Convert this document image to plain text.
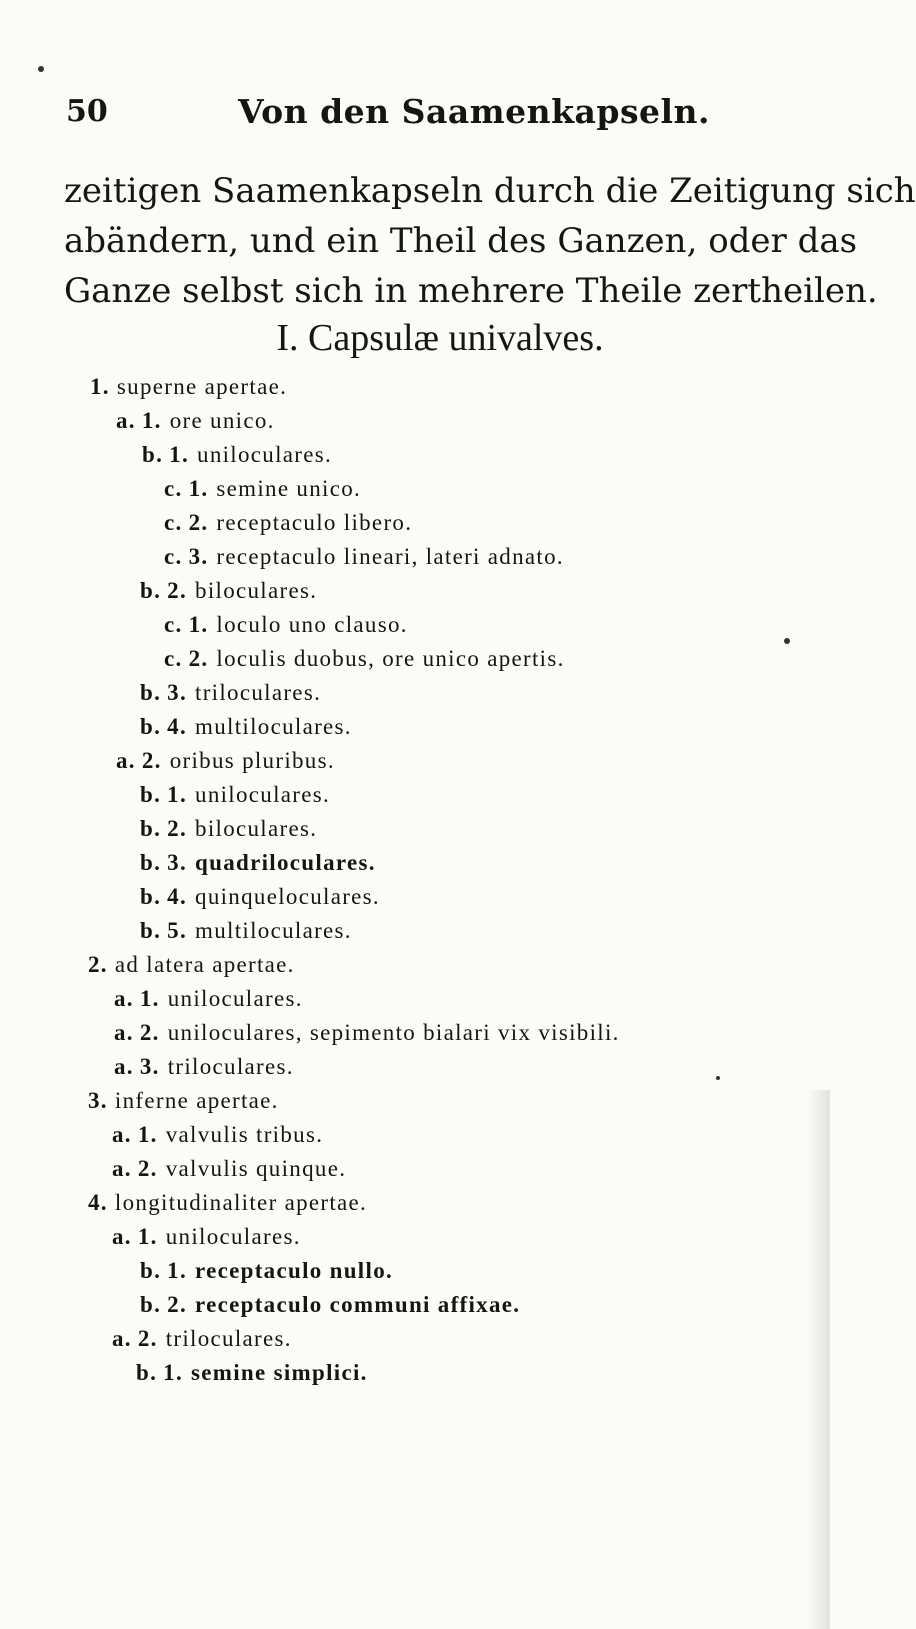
50	Von den Saamenkapseln.
zeitigen Saamenkapseln durch die Zeitigung sich
abändern, und ein Theil des Ganzen, oder das
Ganze selbst sich in mehrere Theile zertheilen.
I. Capsulæ univalves.
1. superne apertae.
a. 1. ore unico.
b. 1. uniloculares.
c. 1. semine unico.
c. 2. receptaculo libero.
c. 3. receptaculo lineari, lateri adnato.
b. 2. biloculares.
c. 1. loculo uno clauso.
c. 2. loculis duobus, ore unico apertis.
b. 3. triloculares.
b. 4. multiloculares.
a. 2. oribus pluribus.
b. 1. uniloculares.
b. 2. biloculares.
b. 3. quadriloculares.
b. 4. quinqueloculares.
b. 5. multiloculares.
2. ad latera apertae.
a. 1. uniloculares.
a. 2. uniloculares, sepimento bialari vix visibili.
a. 3. triloculares.
3. inferne apertae.
a. 1. valvulis tribus.
a. 2. valvulis quinque.
4. longitudinaliter apertae.
a. 1. uniloculares.
b. 1. receptaculo nullo.
b. 2. receptaculo communi affixae.
a. 2. triloculares.
b. 1. semine simplici.
